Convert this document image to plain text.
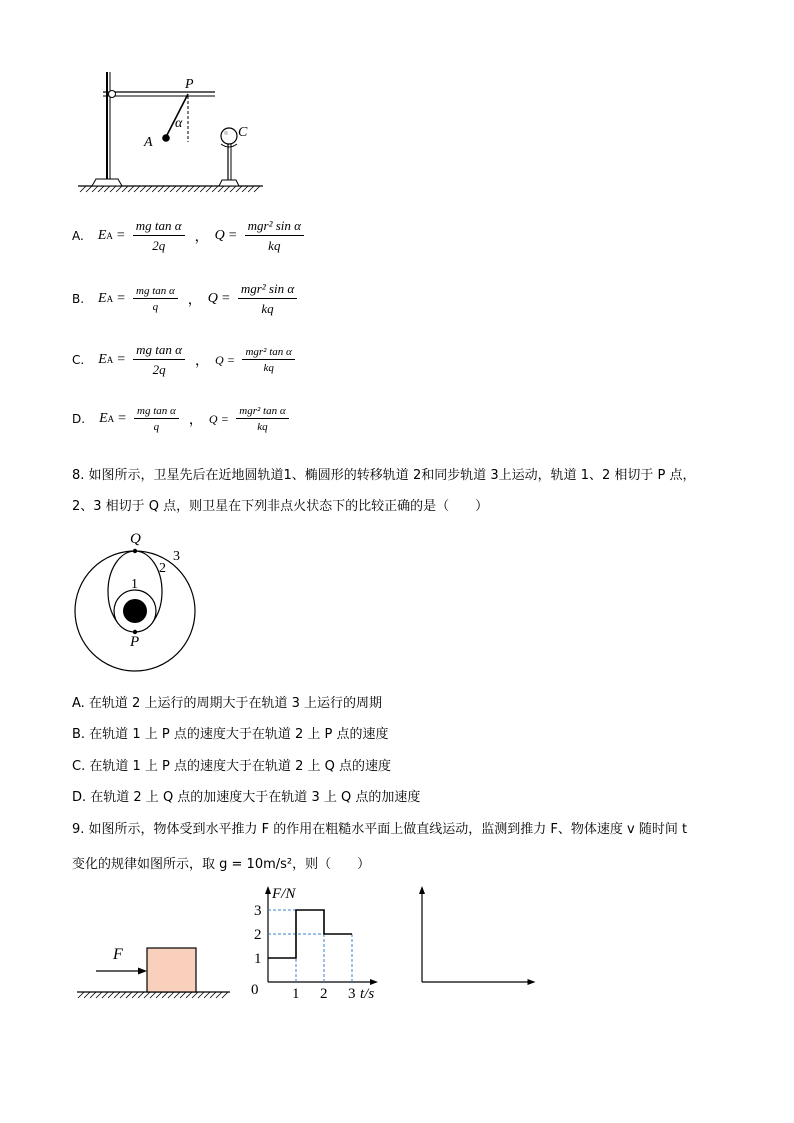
P
A
C
α
A. E $A = \frac{\text{mg tan α}}{2q}$ ， $Q = \frac{\text{mgr² sin α}}{kq}$
B. E $A = \frac{\text{mg tan α}}{q}$ ， $Q = \frac{\text{mgr² sin α}}{kq}$
C. E $A = \frac{\text{mg tan α}}{2q}$ ， $Q = \frac{\text{mgr² tan α}}{kq}$
D. E $A = \frac{\text{mg tan α}}{q}$ ， $Q = \frac{\text{mgr² tan α}}{kq}$
8. 如图所示，卫星先后在近地圆轨道1、椭圆形的转移轨道 2和同步轨道 3上运动，轨道 1、2 相切于 P 点，
2、3 相切于 Q 点，则卫星在下列非点火状态下的比较正确的是（　　）
Q
P
1
2
3
A. 在轨道 2 上运行的周期大于在轨道 3 上运行的周期
B. 在轨道 1 上 P 点的速度大于在轨道 2 上 P 点的速度
C. 在轨道 1 上 P 点的速度大于在轨道 2 上 Q 点的速度
D. 在轨道 2 上 Q 点的加速度大于在轨道 3 上 Q 点的加速度
9. 如图所示，物体受到水平推力 F 的作用在粗糙水平面上做直线运动，监测到推力 F、物体速度 v 随时间 t
变化的规律如图所示，取 g = 10m/s²，则（　　）
F
F/N
t/s
0 1 2 3
1
2
3
